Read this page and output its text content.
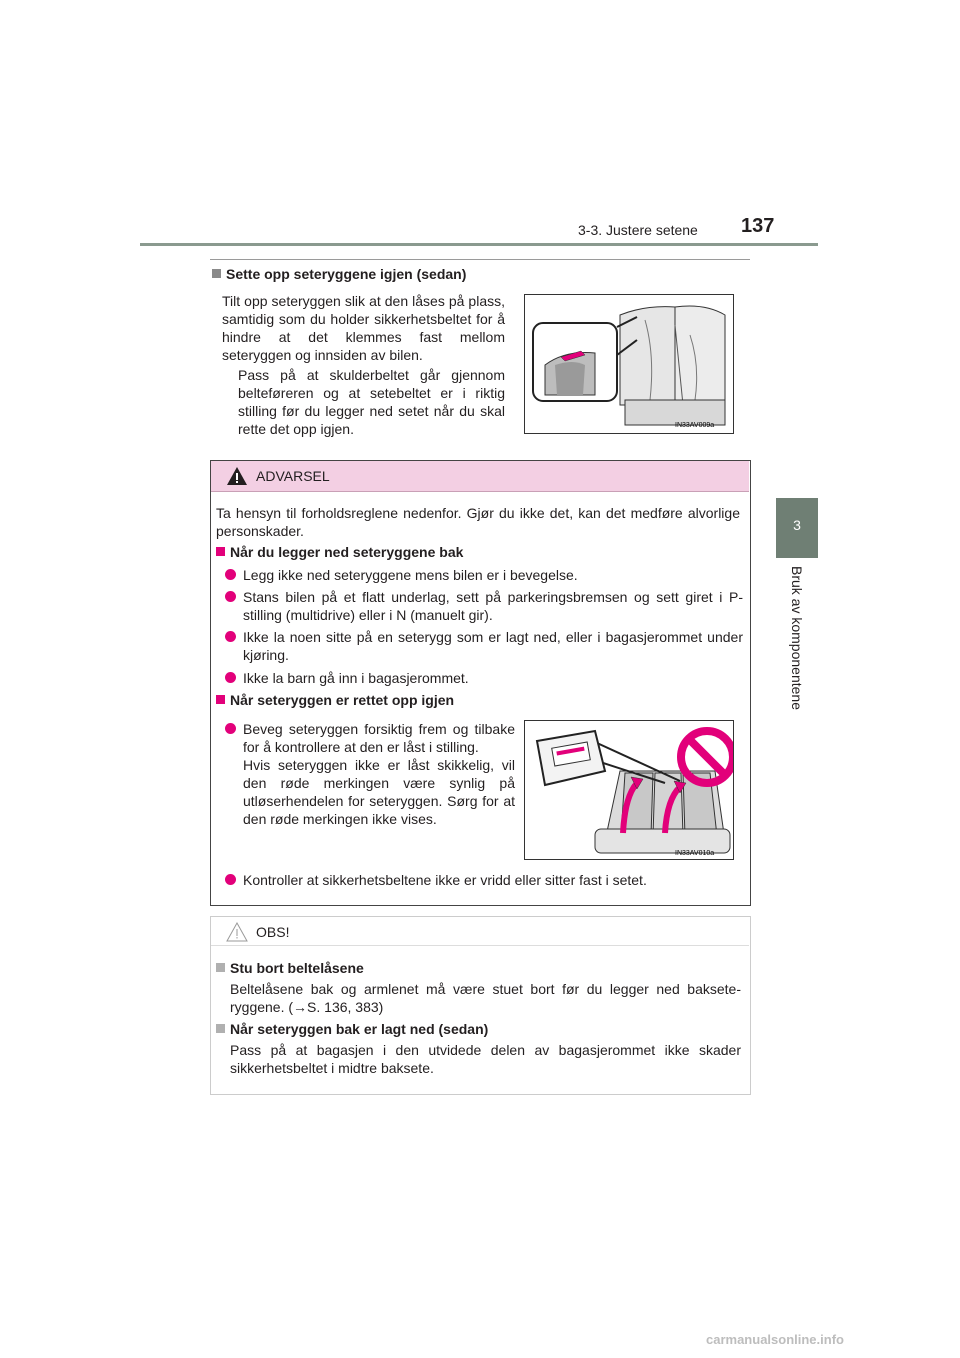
3-3. Justere setene 137
3
Bruk av komponentene
Sette opp seteryggene igjen (sedan)
Tilt opp seteryggen slik at den låses på plass, samtidig som du holder sikkerhetsbeltet for å hindre at det klemmes fast mellom seteryggen og innsiden av bilen.
Pass på at skulderbeltet går gjennom belteføreren og at setebeltet er i riktig stilling før du legger ned setet når du skal rette det opp igjen.	IN33AV009a
ADVARSEL
Ta hensyn til forholdsreglene nedenfor. Gjør du ikke det, kan det medføre alvorlige personskader.
Når du legger ned seteryggene bak
Legg ikke ned seteryggene mens bilen er i bevegelse.
Stans bilen på et flatt underlag, sett på parkeringsbremsen og sett giret i P-stilling (multidrive) eller i N (manuelt gir).
Ikke la noen sitte på en seterygg som er lagt ned, eller i bagasjerommet under kjøring.
Ikke la barn gå inn i bagasjerommet.
Når seteryggen er rettet opp igjen
Beveg seteryggen forsiktig frem og tilbake for å kontrollere at den er låst i stilling.
Hvis seteryggen ikke er låst skikkelig, vil den røde merkingen være synlig på utløserhendelen for seteryggen. Sørg for at den røde merkingen ikke vises.
IN33AV010a
Kontroller at sikkerhetsbeltene ikke er vridd eller sitter fast i setet.
OBS!
Stu bort beltelåsene
Beltelåsene bak og armlenet må være stuet bort før du legger ned bakseteryggene. (→S. 136, 383)
Når seteryggen bak er lagt ned (sedan)
Pass på at bagasjen i den utvidede delen av bagasjerommet ikke skader sikkerhetsbeltet i midtre baksete.
carmanualsonline.info
